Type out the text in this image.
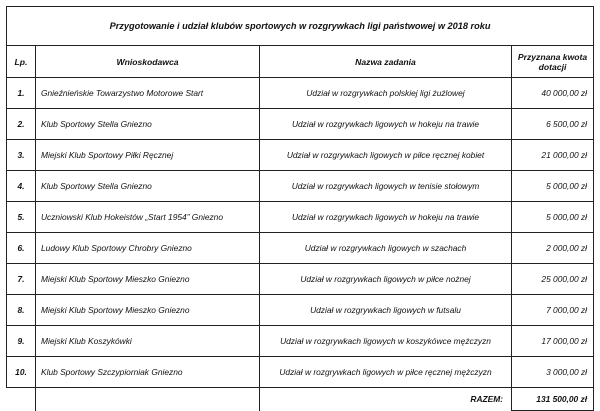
Przygotowanie i udział klubów sportowych w rozgrywkach ligi państwowej w 2018 roku			
Lp.	Wnioskodawca	Nazwa zadania	Przyznana kwota dotacji
1.	Gnieźnieńskie Towarzystwo Motorowe Start	Udział w rozgrywkach polskiej ligi żużlowej	40 000,00 zł
2.	Klub Sportowy Stella Gniezno	Udział w rozgrywkach ligowych w hokeju na trawie	6 500,00 zł
3.	Miejski Klub Sportowy Piłki Ręcznej	Udział w rozgrywkach ligowych w piłce ręcznej kobiet	21 000,00 zł
4.	Klub Sportowy Stella Gniezno	Udział w rozgrywkach ligowych w tenisie stołowym	5 000,00 zł
5.	Uczniowski Klub Hokeistów „Start 1954” Gniezno	Udział w rozgrywkach ligowych w hokeju na trawie	5 000,00 zł
6.	Ludowy Klub Sportowy Chrobry Gniezno	Udział w rozgrywkach ligowych w szachach	2 000,00 zł
7.	Miejski Klub Sportowy Mieszko Gniezno	Udział w rozgrywkach ligowych w piłce nożnej	25 000,00 zł
8.	Miejski Klub Sportowy Mieszko Gniezno	Udział w rozgrywkach ligowych w futsalu	7 000,00 zł
9.	Miejski Klub Koszykówki	Udział w rozgrywkach ligowych w koszykówce mężczyzn	17 000,00 zł
10.	Klub Sportowy Szczypiorniak Gniezno	Udział w rozgrywkach ligowych w piłce ręcznej mężczyzn	3 000,00 zł
		RAZEM:	131 500,00 zł
